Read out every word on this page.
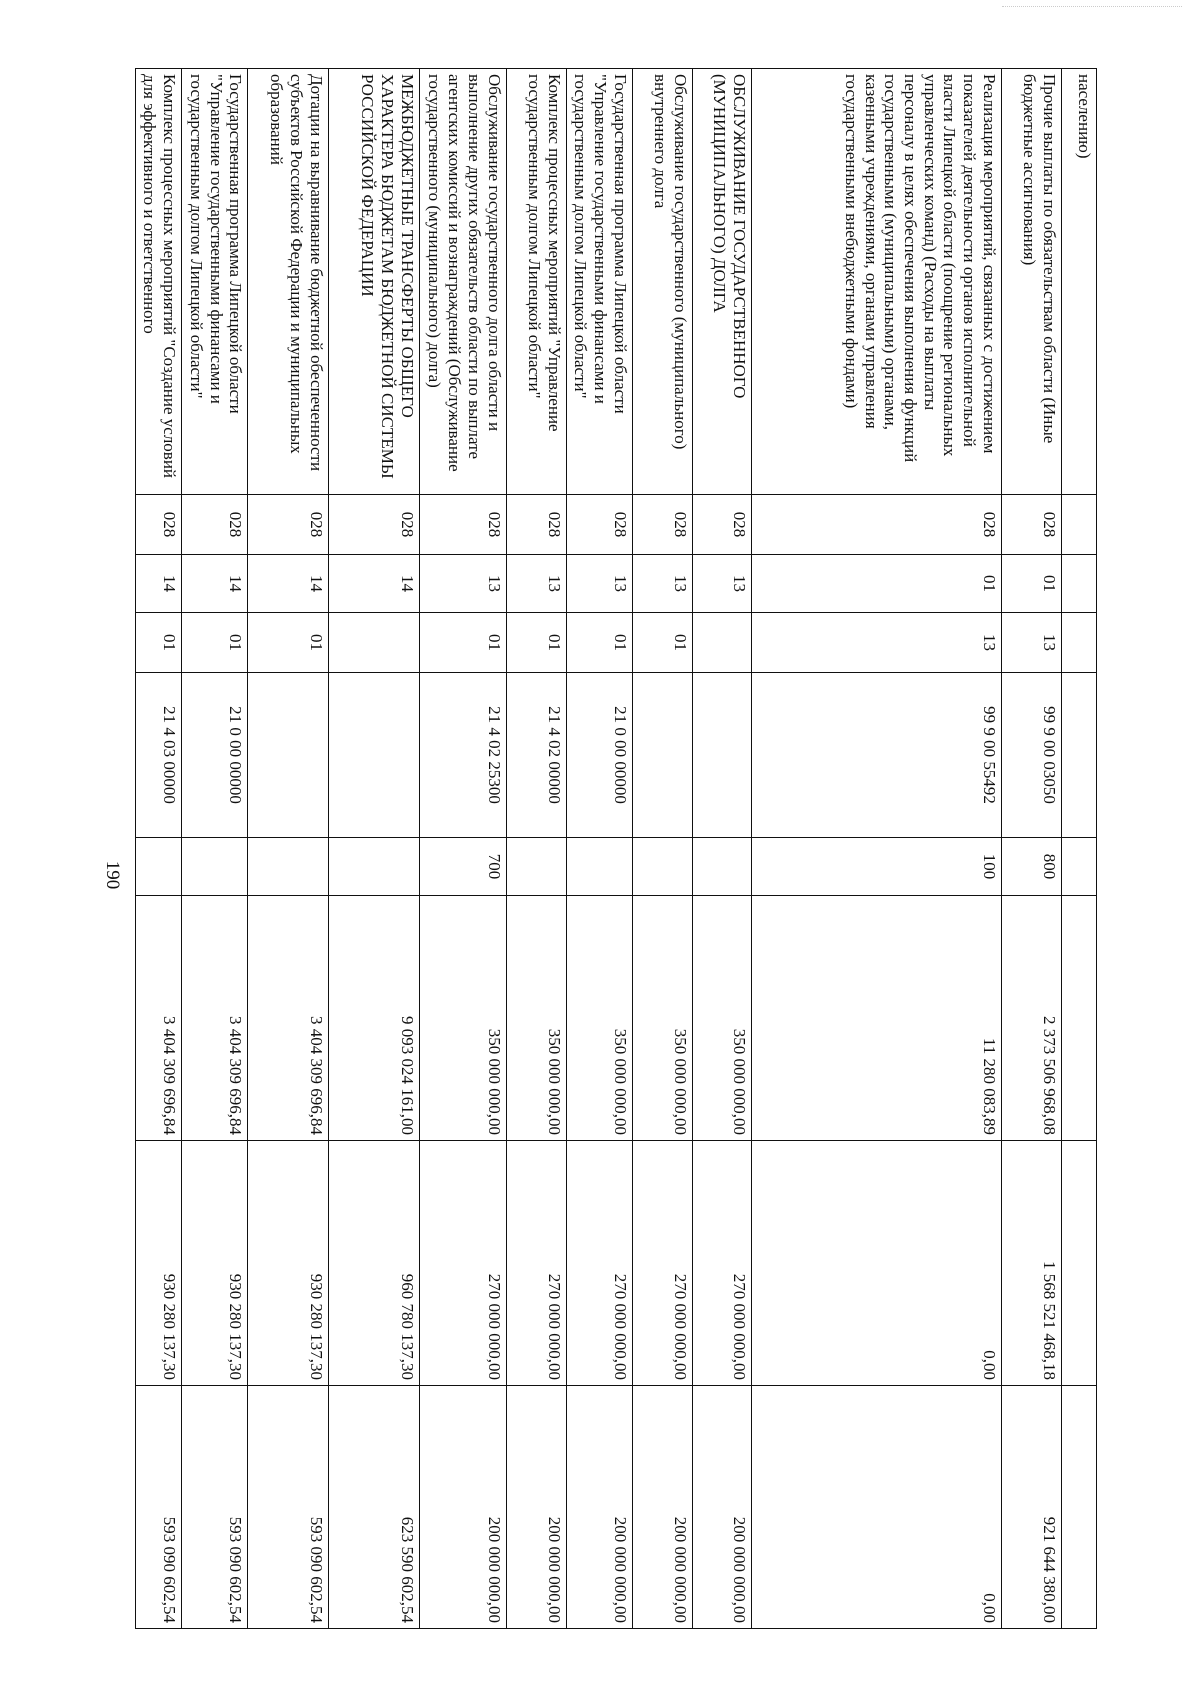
190
населению)								
Прочие выплаты по обязательствам области (Иные бюджетные ассигнования)	028	01	13	99 9 00 03050	800	2 373 506 968,08	1 568 521 468,18	921 644 380,00
Реализация мероприятий, связанных с достижением показателей деятельности органов исполнительной власти Липецкой области (поощрение региональных управленческих команд) (Расходы на выплаты персоналу в целях обеспечения выполнения функций государственными (муниципальными) органами, казенными учреждениями, органами управления государственными внебюджетными фондами)	028	01	13	99 9 00 55492	100	11 280 083,89	0,00	0,00
ОБСЛУЖИВАНИЕ ГОСУДАРСТВЕННОГО (МУНИЦИПАЛЬНОГО) ДОЛГА	028	13				350 000 000,00	270 000 000,00	200 000 000,00
Обслуживание государственного (муниципального) внутреннего долга	028	13	01			350 000 000,00	270 000 000,00	200 000 000,00
Государственная программа Липецкой области "Управление государственными финансами и государственным долгом Липецкой области"	028	13	01	21 0 00 00000		350 000 000,00	270 000 000,00	200 000 000,00
Комплекс процессных мероприятий "Управление государственным долгом Липецкой области"	028	13	01	21 4 02 00000		350 000 000,00	270 000 000,00	200 000 000,00
Обслуживание государственного долга области и выполнение других обязательств области по выплате агентских комиссий и вознаграждений (Обслуживание государственного (муниципального) долга)	028	13	01	21 4 02 25300	700	350 000 000,00	270 000 000,00	200 000 000,00
МЕЖБЮДЖЕТНЫЕ ТРАНСФЕРТЫ ОБЩЕГО ХАРАКТЕРА БЮДЖЕТАМ БЮДЖЕТНОЙ СИСТЕМЫ РОССИЙСКОЙ ФЕДЕРАЦИИ	028	14				9 093 024 161,00	960 780 137,30	623 590 602,54
Дотации на выравнивание бюджетной обеспеченности субъектов Российской Федерации и муниципальных образований	028	14	01			3 404 309 696,84	930 280 137,30	593 090 602,54
Государственная программа Липецкой области "Управление государственными финансами и государственным долгом Липецкой области"	028	14	01	21 0 00 00000		3 404 309 696,84	930 280 137,30	593 090 602,54
Комплекс процессных мероприятий "Создание условий для эффективного и ответственного	028	14	01	21 4 03 00000		3 404 309 696,84	930 280 137,30	593 090 602,54
